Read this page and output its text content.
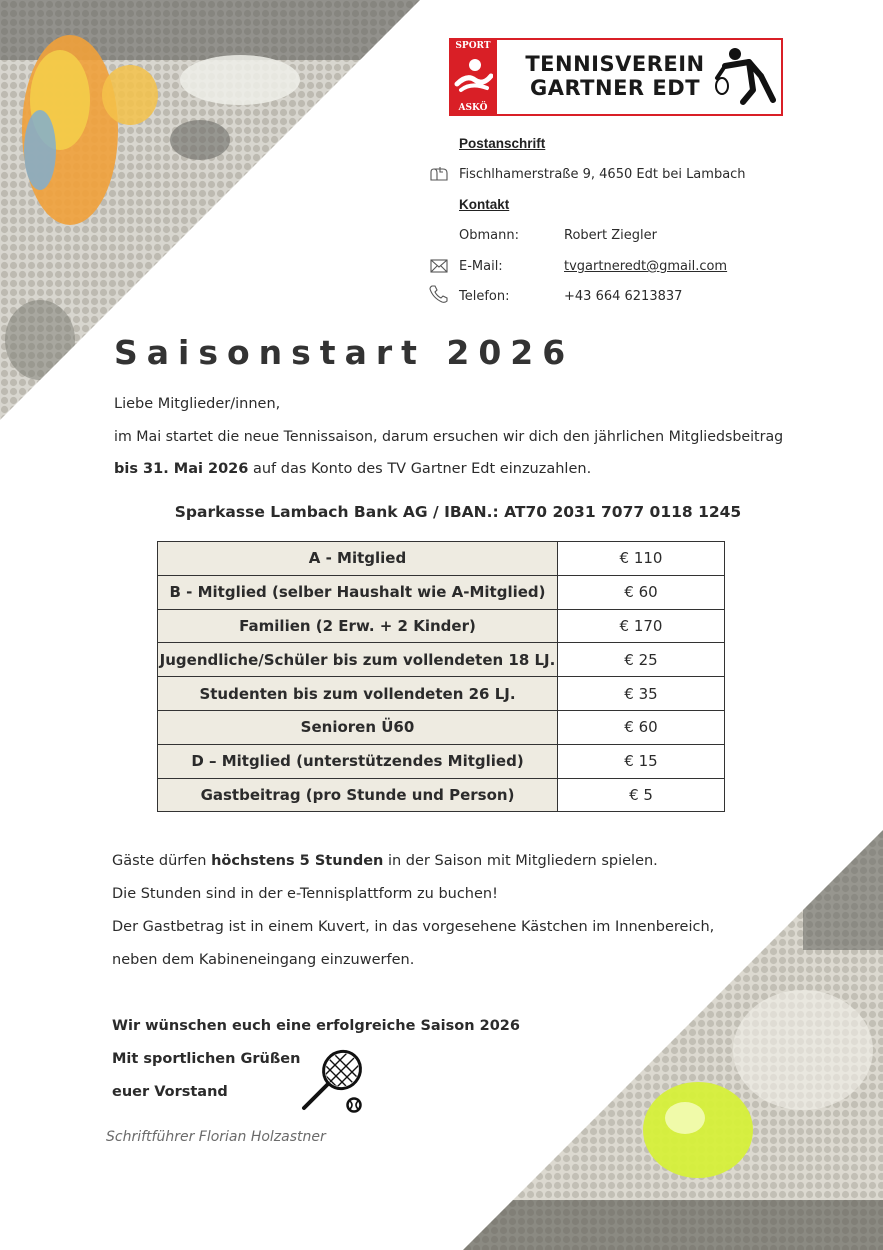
SPORT
ASKÖ
TENNISVEREIN
GARTNER EDT
Postanschrift
Fischlhamerstraße 9, 4650 Edt bei Lambach
Kontakt
Obmann:	Robert Ziegler
E-Mail:	tvgartneredt@gmail.com
Telefon:	+43 664 6213837
Saisonstart 2026
Liebe Mitglieder/innen,
im Mai startet die neue Tennissaison, darum ersuchen wir dich den jährlichen Mitgliedsbeitrag
bis 31. Mai 2026 auf das Konto des TV Gartner Edt einzuzahlen.
Sparkasse Lambach Bank AG / IBAN.: AT70 2031 7077 0118 1245
A - Mitglied	€ 110
B - Mitglied (selber Haushalt wie A-Mitglied)	€ 60
Familien (2 Erw. + 2 Kinder)	€ 170
Jugendliche/Schüler bis zum vollendeten 18 LJ.	€ 25
Studenten bis zum vollendeten 26 LJ.	€ 35
Senioren Ü60	€ 60
D – Mitglied (unterstützendes Mitglied)	€ 15
Gastbeitrag (pro Stunde und Person)	€ 5
Gäste dürfen höchstens 5 Stunden in der Saison mit Mitgliedern spielen.
Die Stunden sind in der e-Tennisplattform zu buchen!
Der Gastbetrag ist in einem Kuvert, in das vorgesehene Kästchen im Innenbereich,
neben dem Kabineneingang einzuwerfen.
Wir wünschen euch eine erfolgreiche Saison 2026
Mit sportlichen Grüßen
euer Vorstand
Schriftführer Florian Holzastner
